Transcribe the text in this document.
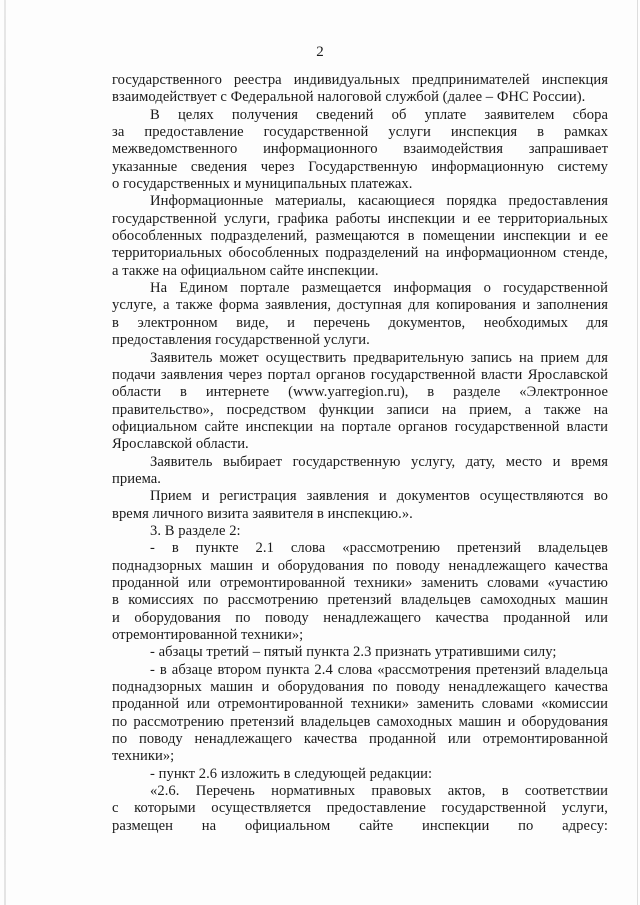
2
государственного реестра индивидуальных предпринимателей инспекция
взаимодействует с Федеральной налоговой службой (далее – ФНС России).
В целях получения сведений об уплате заявителем сбора
за предоставление государственной услуги инспекция в рамках
межведомственного информационного взаимодействия запрашивает
указанные сведения через Государственную информационную систему
о государственных и муниципальных платежах.
Информационные материалы, касающиеся порядка предоставления
государственной услуги, графика работы инспекции и ее территориальных
обособленных подразделений, размещаются в помещении инспекции и ее
территориальных обособленных подразделений на информационном стенде,
а также на официальном сайте инспекции.
На Едином портале размещается информация о государственной
услуге, а также форма заявления, доступная для копирования и заполнения
в электронном виде, и перечень документов, необходимых для
предоставления государственной услуги.
Заявитель может осуществить предварительную запись на прием для
подачи заявления через портал органов государственной власти Ярославской
области в интернете (www.yarregion.ru), в разделе «Электронное
правительство», посредством функции записи на прием, а также на
официальном сайте инспекции на портале органов государственной власти
Ярославской области.
Заявитель выбирает государственную услугу, дату, место и время
приема.
Прием и регистрация заявления и документов осуществляются во
время личного визита заявителя в инспекцию.».
3. В разделе 2:
- в пункте 2.1 слова «рассмотрению претензий владельцев
поднадзорных машин и оборудования по поводу ненадлежащего качества
проданной или отремонтированной техники» заменить словами «участию
в комиссиях по рассмотрению претензий владельцев самоходных машин
и оборудования по поводу ненадлежащего качества проданной или
отремонтированной техники»;
- абзацы третий – пятый пункта 2.3 признать утратившими силу;
- в абзаце втором пункта 2.4 слова «рассмотрения претензий владельца
поднадзорных машин и оборудования по поводу ненадлежащего качества
проданной или отремонтированной техники» заменить словами «комиссии
по рассмотрению претензий владельцев самоходных машин и оборудования
по поводу ненадлежащего качества проданной или отремонтированной
техники»;
- пункт 2.6 изложить в следующей редакции:
«2.6. Перечень нормативных правовых актов, в соответствии
с которыми осуществляется предоставление государственной услуги,
размещен на официальном сайте инспекции по адресу:
